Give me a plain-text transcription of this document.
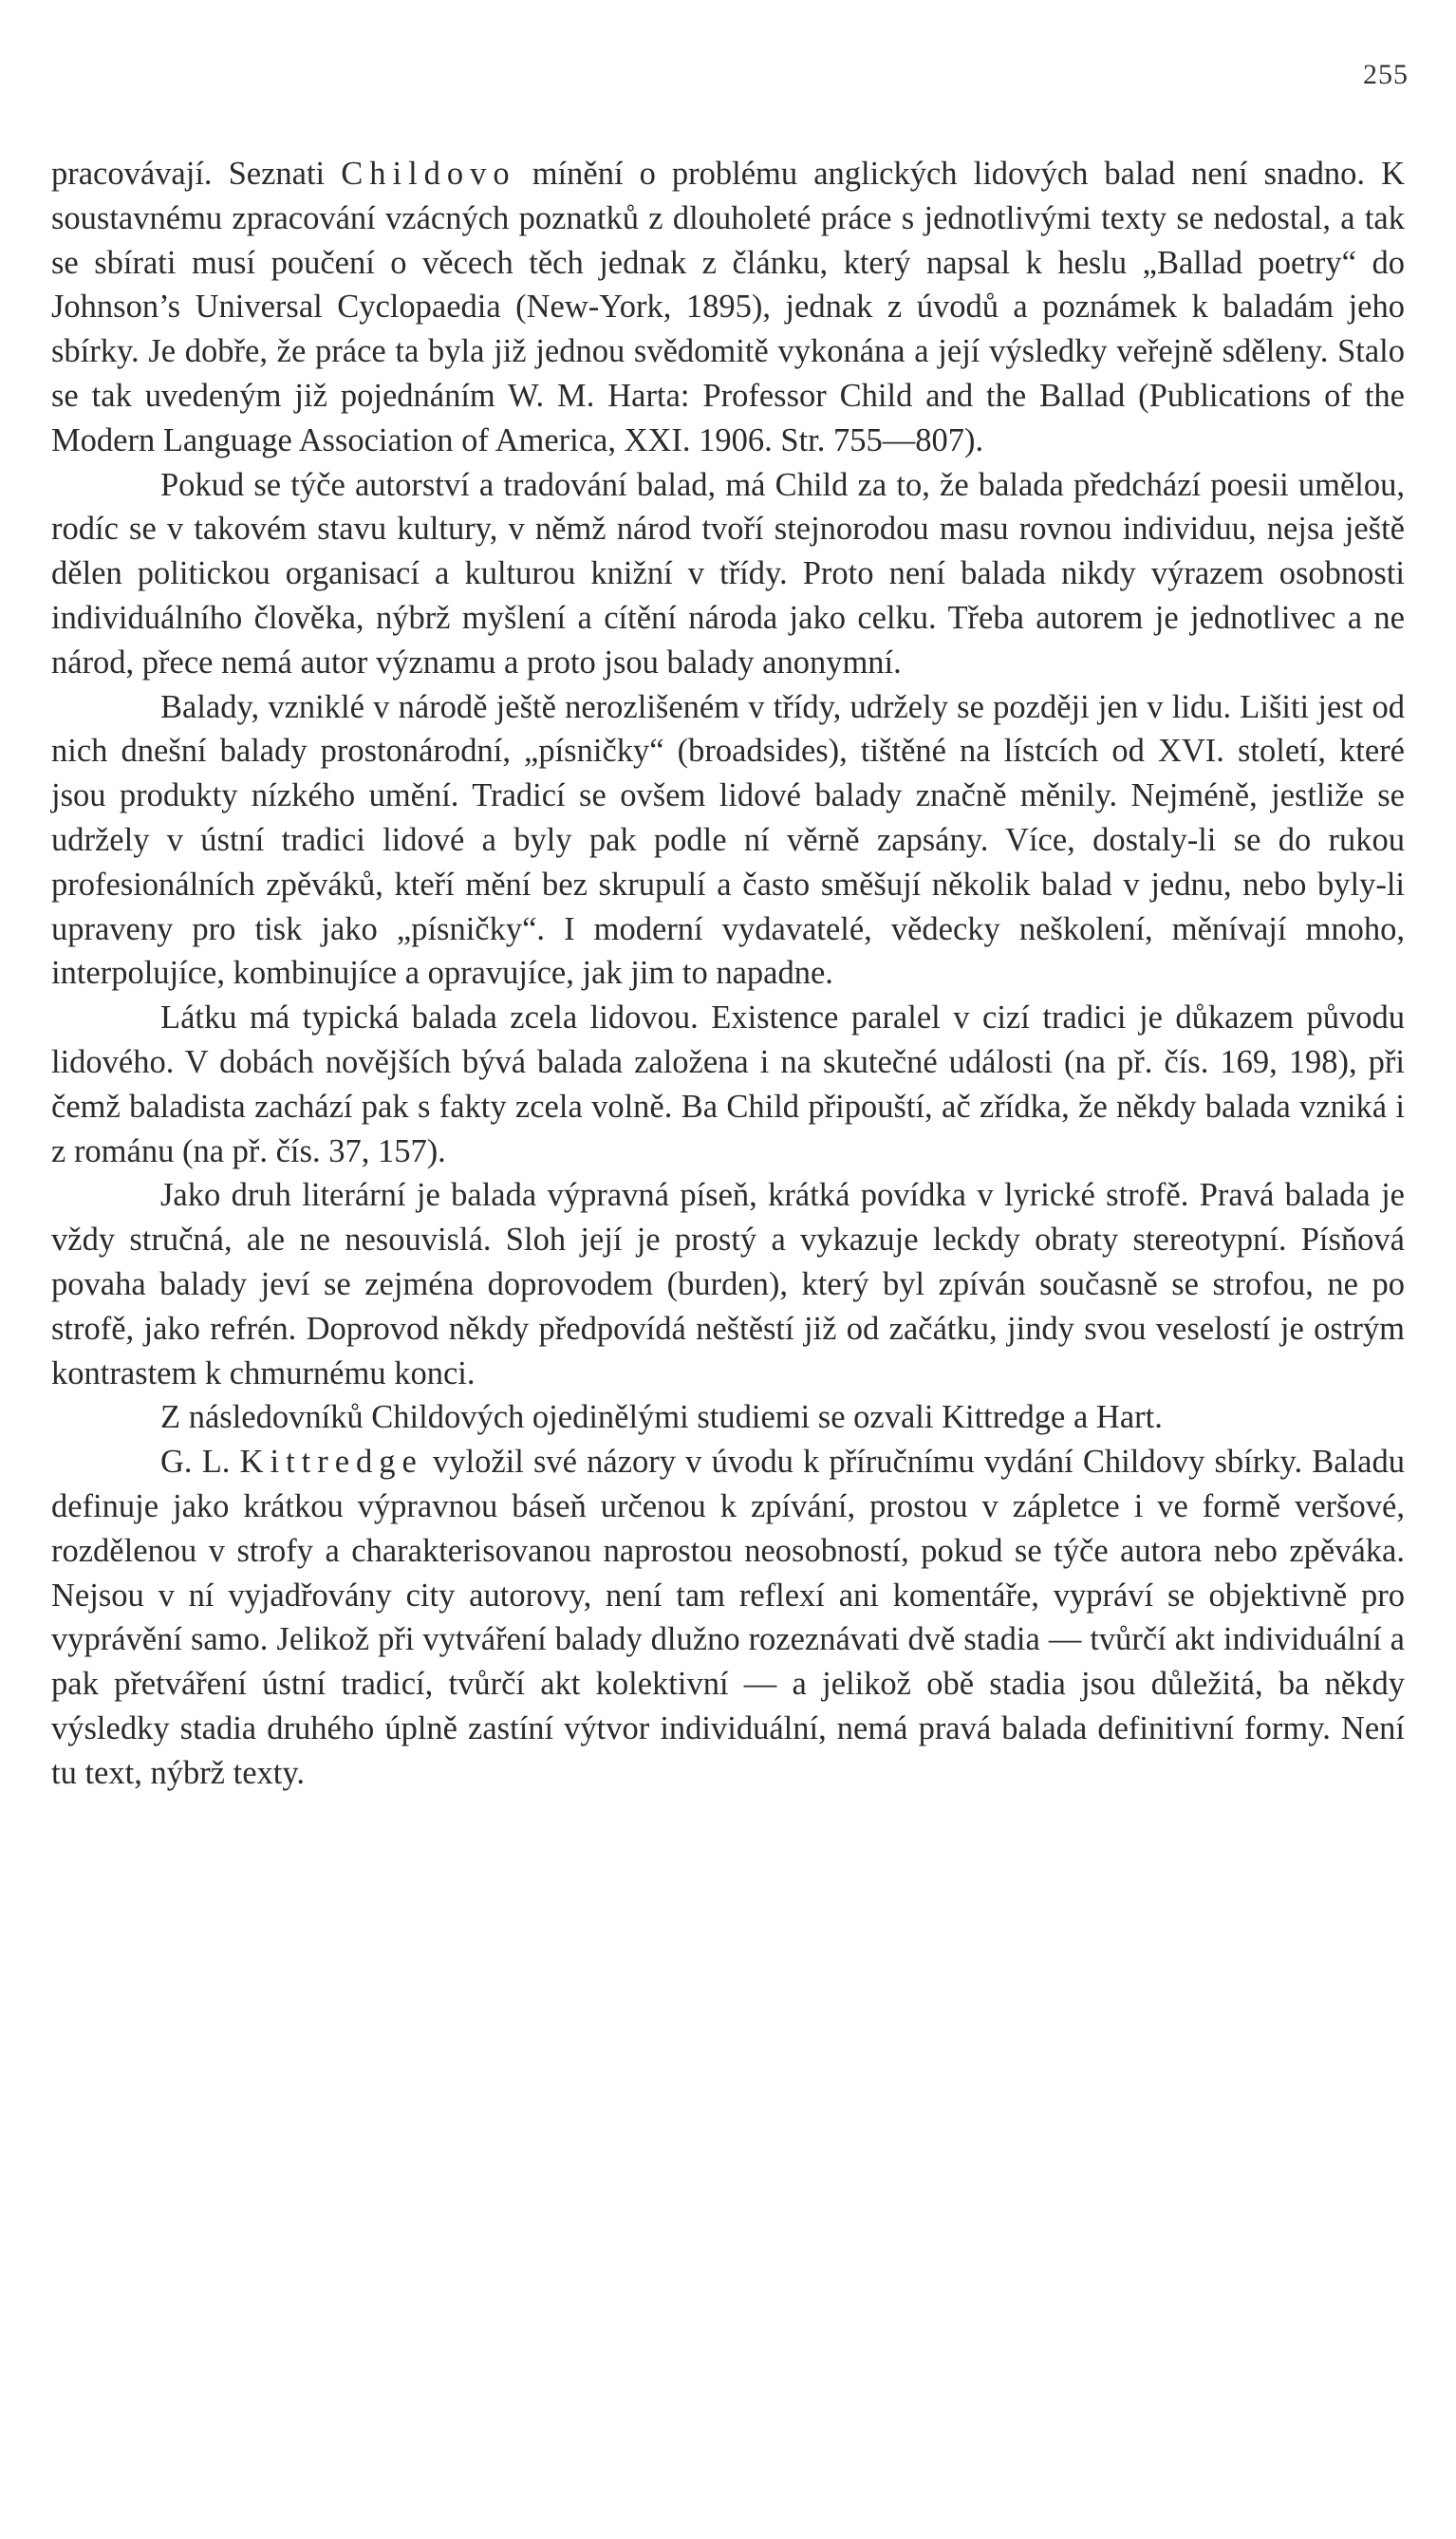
255

pracovávají. Seznati Childovo mínění o problému anglických lidových balad není snadno. K soustavnému zpracování vzácných poznatků z dlouholeté práce s jednotlivými texty se nedostal, a tak se sbírati musí poučení o věcech těch jednak z článku, který napsal k heslu „Ballad poetry“ do Johnson’s Universal Cyclopaedia (New-York, 1895), jednak z úvodů a poznámek k baladám jeho sbírky. Je dobře, že práce ta byla již jednou svědomitě vykonána a její výsledky veřejně sděleny. Stalo se tak uvedeným již pojednáním W. M. Harta: Professor Child and the Ballad (Publications of the Modern Language Association of America, XXI. 1906. Str. 755—807).

Pokud se týče autorství a tradování balad, má Child za to, že balada předchází poesii umělou, rodíc se v takovém stavu kultury, v němž národ tvoří stejnorodou masu rovnou individuu, nejsa ještě dělen politickou organisací a kulturou knižní v třídy. Proto není balada nikdy výrazem osobnosti individuálního člověka, nýbrž myšlení a cítění národa jako celku. Třeba autorem je jednotlivec a ne národ, přece nemá autor významu a proto jsou balady anonymní.

Balady, vzniklé v národě ještě nerozlišeném v třídy, udržely se později jen v lidu. Lišiti jest od nich dnešní balady prostonárodní, „písničky“ (broadsides), tištěné na lístcích od XVI. století, které jsou produkty nízkého umění. Tradicí se ovšem lidové balady značně měnily. Nejméně, jestliže se udržely v ústní tradici lidové a byly pak podle ní věrně zapsány. Více, dostaly-li se do rukou profesionálních zpěváků, kteří mění bez skrupulí a často směšují několik balad v jednu, nebo byly-li upraveny pro tisk jako „písničky“. I moderní vydavatelé, vědecky neškolení, měnívají mnoho, interpolujíce, kombinujíce a opravujíce, jak jim to napadne.

Látku má typická balada zcela lidovou. Existence paralel v cizí tradici je důkazem původu lidového. V dobách novějších bývá balada založena i na skutečné události (na př. čís. 169, 198), při čemž baladista zachází pak s fakty zcela volně. Ba Child připouští, ač zřídka, že někdy balada vzniká i z románu (na př. čís. 37, 157).

Jako druh literární je balada výpravná píseň, krátká povídka v lyrické strofě. Pravá balada je vždy stručná, ale ne nesouvislá. Sloh její je prostý a vykazuje leckdy obraty stereotypní. Písňová povaha balady jeví se zejména doprovodem (burden), který byl zpíván současně se strofou, ne po strofě, jako refrén. Doprovod někdy předpovídá neštěstí již od začátku, jindy svou veselostí je ostrým kontrastem k chmurnému konci.

Z následovníků Childových ojedinělými studiemi se ozvali Kittredge a Hart.

G. L. Kittredge vyložil své názory v úvodu k příručnímu vydání Childovy sbírky. Baladu definuje jako krátkou výpravnou báseň určenou k zpívání, prostou v zápletce i ve formě veršové, rozdělenou v strofy a charakterisovanou naprostou neosobností, pokud se týče autora nebo zpěváka. Nejsou v ní vyjadřovány city autorovy, není tam reflexí ani komentáře, vypráví se objektivně pro vyprávění samo. Jelikož při vytváření balady dlužno rozeznávati dvě stadia — tvůrčí akt individuální a pak přetváření ústní tradicí, tvůrčí akt kolektivní — a jelikož obě stadia jsou důležitá, ba někdy výsledky stadia druhého úplně zastíní výtvor individuální, nemá pravá balada definitivní formy. Není tu text, nýbrž texty.
